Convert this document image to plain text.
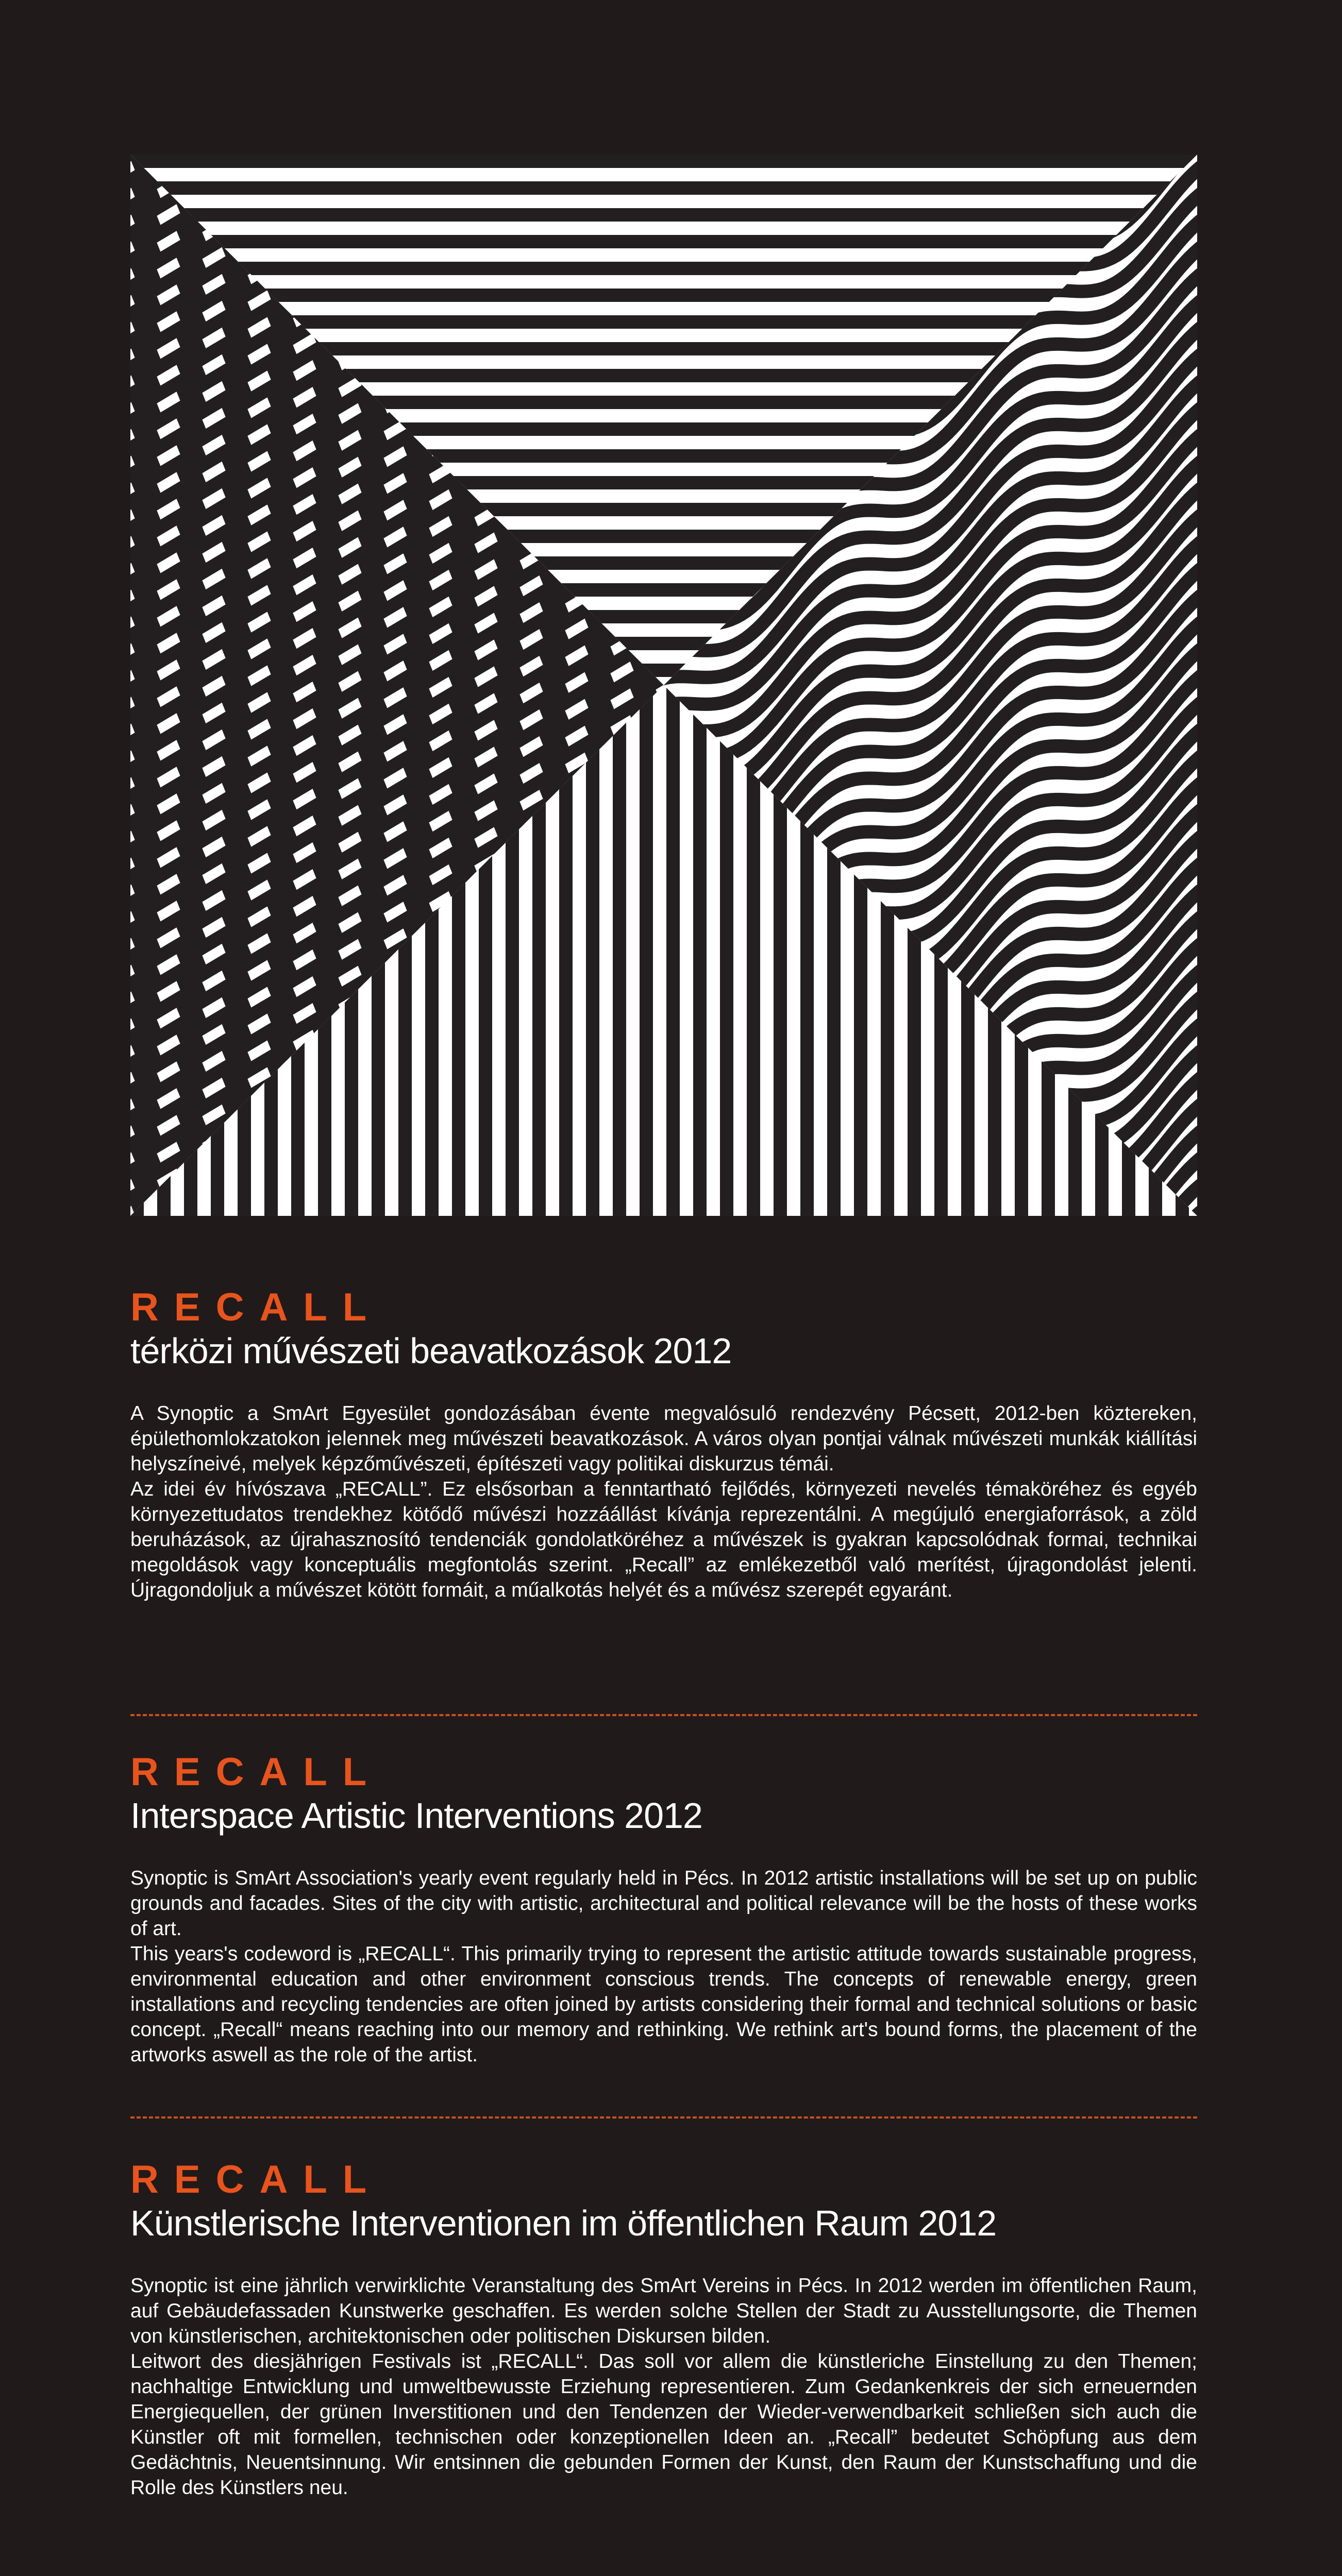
RECALL
térközi művészeti beavatkozások 2012
A Synoptic a SmArt Egyesület gondozásában évente megvalósuló rendezvény Pécsett, 2012-ben köztereken, épülethomlokzatokon jelennek meg művészeti beavatkozások. A város olyan pontjai válnak művészeti munkák kiállítási helyszíneivé, melyek képzőművészeti, építészeti vagy politikai diskurzus témái.
Az idei év hívószava „RECALL”. Ez elsősorban a fenntartható fejlődés, környezeti nevelés témaköréhez és egyéb környezettudatos trendekhez kötődő művészi hozzáállást kívánja reprezentálni. A megújuló energiaforrások, a zöld beruházások, az újrahasznosító tendenciák gondolatköréhez a művészek is gyakran kapcsolódnak formai, technikai megoldások vagy konceptuális megfontolás szerint. „Recall” az emlékezetből való merítést, újragondolást jelenti. Újragondoljuk a művészet kötött formáit, a műalkotás helyét és a művész szerepét egyaránt.
RECALL
Interspace Artistic Interventions 2012
Synoptic is SmArt Association's yearly event regularly held in Pécs. In 2012 artistic installations will be set up on public grounds and facades. Sites of the city with artistic, architectural and political relevance will be the hosts of these works of art.
This years's codeword is „RECALL“. This primarily trying to represent the artistic attitude towards sustainable progress, environmental education and other environment conscious trends. The concepts of renewable energy, green installations and recycling tendencies are often joined by artists considering their formal and technical solutions or basic concept. „Recall“ means reaching into our memory and rethinking. We rethink art's bound forms, the placement of the artworks aswell as the role of the artist.
RECALL
Künstlerische Interventionen im öffentlichen Raum 2012
Synoptic ist eine jährlich verwirklichte Veranstaltung des SmArt Vereins in Pécs. In 2012 werden im öffentlichen Raum, auf Gebäudefassaden Kunstwerke geschaffen. Es werden solche Stellen der Stadt zu Ausstellungsorte, die Themen von künstlerischen, architektonischen oder politischen Diskursen bilden.
Leitwort des diesjährigen Festivals ist „RECALL“. Das soll vor allem die künstleriche Einstellung zu den Themen; nachhaltige Entwicklung und umweltbewusste Erziehung representieren. Zum Gedankenkreis der sich erneuernden Energiequellen, der grünen Inverstitionen und den Tendenzen der Wieder-verwendbarkeit schließen sich auch die Künstler oft mit formellen, technischen oder konzeptionellen Ideen an. „Recall” bedeutet Schöpfung aus dem Gedächtnis, Neuentsinnung. Wir entsinnen die gebunden Formen der Kunst, den Raum der Kunstschaffung und die Rolle des Künstlers neu.
